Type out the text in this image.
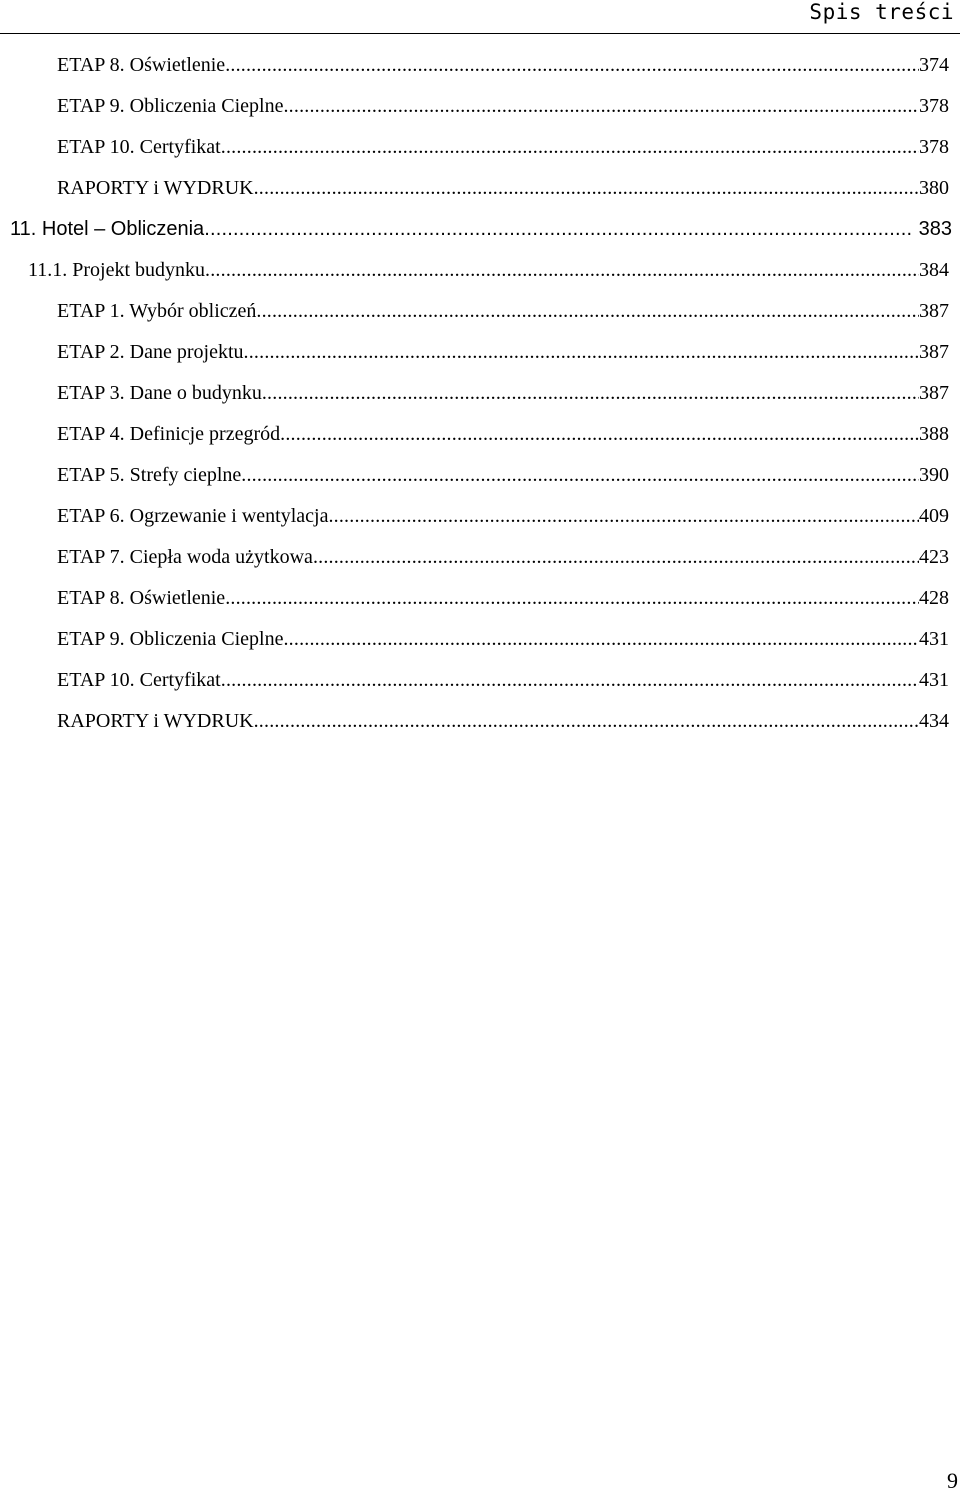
Spis treści
ETAP 8. Oświetlenie .....	374
ETAP 9. Obliczenia Cieplne .....	378
ETAP 10. Certyfikat .....	378
RAPORTY i WYDRUK .....	380
11. Hotel – Obliczenia .....	383
11.1. Projekt budynku .....	384
ETAP 1. Wybór obliczeń .....	387
ETAP 2. Dane projektu .....	387
ETAP 3. Dane o budynku .....	387
ETAP 4. Definicje przegród .....	388
ETAP 5. Strefy cieplne .....	390
ETAP 6. Ogrzewanie i wentylacja .....	409
ETAP 7. Ciepła woda użytkowa .....	423
ETAP 8. Oświetlenie .....	428
ETAP 9. Obliczenia Cieplne .....	431
ETAP 10. Certyfikat .....	431
RAPORTY i WYDRUK .....	434
9
